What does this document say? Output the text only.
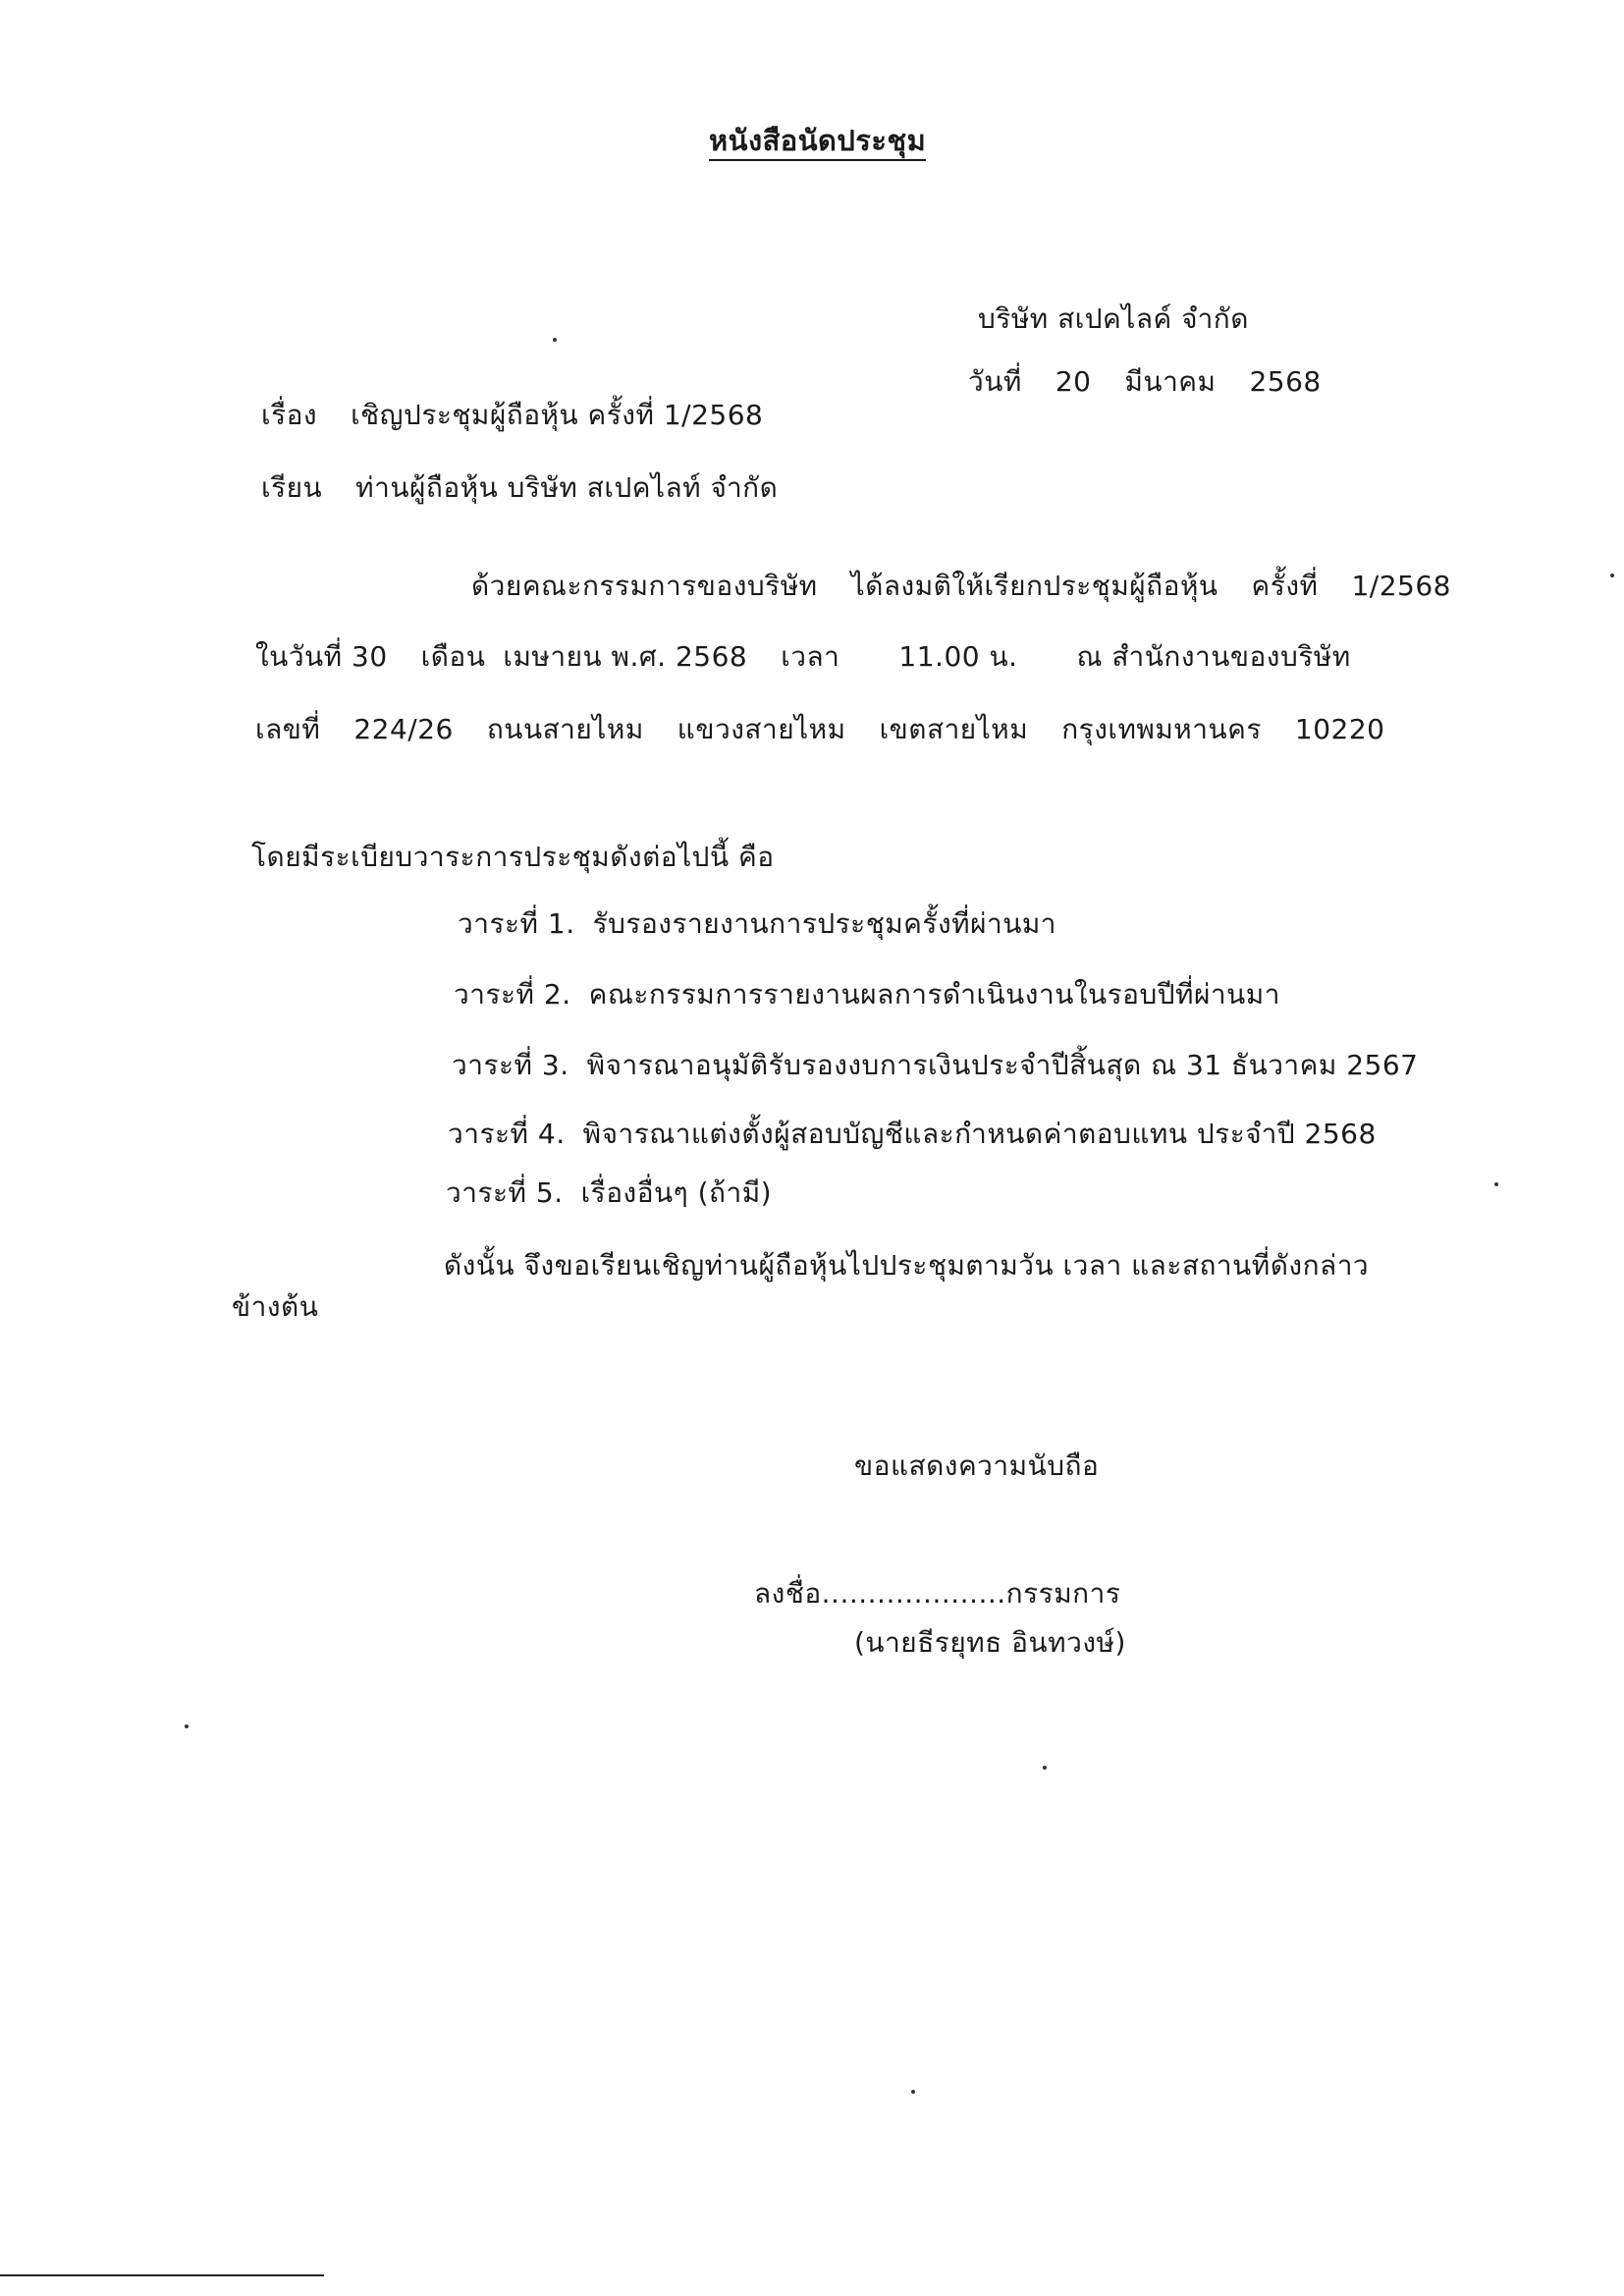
หนังสือนัดประชุม
บริษัท สเปคไลค์ จำกัด
วันที่ 20 มีนาคม 2568
เรื่อง เชิญประชุมผู้ถือหุ้น ครั้งที่ 1/2568
เรียน ท่านผู้ถือหุ้น บริษัท สเปคไลท์ จำกัด
ด้วยคณะกรรมการของบริษัท ได้ลงมติให้เรียกประชุมผู้ถือหุ้น ครั้งที่ 1/2568
ในวันที่ 30 เดือน เมษายน พ.ศ. 2568 เวลา 11.00 น. ณ สำนักงานของบริษัท
เลขที่ 224/26 ถนนสายไหม แขวงสายไหม เขตสายไหม กรุงเทพมหานคร 10220
โดยมีระเบียบวาระการประชุมดังต่อไปนี้ คือ
วาระที่ 1. รับรองรายงานการประชุมครั้งที่ผ่านมา
วาระที่ 2. คณะกรรมการรายงานผลการดำเนินงานในรอบปีที่ผ่านมา
วาระที่ 3. พิจารณาอนุมัติรับรองงบการเงินประจำปีสิ้นสุด ณ 31 ธันวาคม 2567
วาระที่ 4. พิจารณาแต่งตั้งผู้สอบบัญชีและกำหนดค่าตอบแทน ประจำปี 2568
วาระที่ 5. เรื่องอื่นๆ (ถ้ามี)
ดังนั้น จึงขอเรียนเชิญท่านผู้ถือหุ้นไปประชุมตามวัน เวลา และสถานที่ดังกล่าว
ข้างต้น
ขอแสดงความนับถือ
ลงชื่อ....................กรรมการ
(นายธีรยุทธ อินทวงษ์)
